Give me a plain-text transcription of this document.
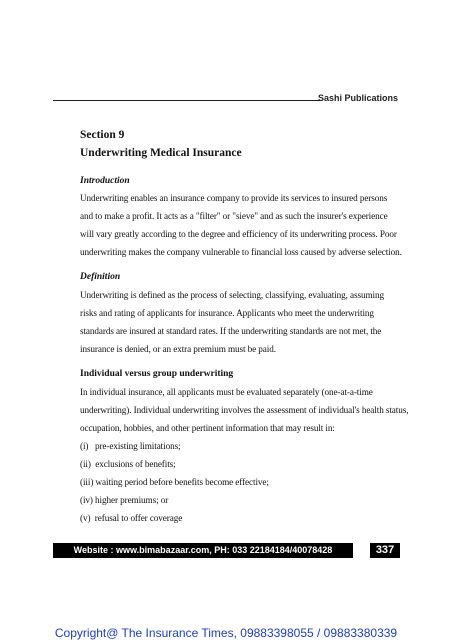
Sashi Publications
Section 9
Underwriting Medical Insurance
Introduction
Underwriting enables an insurance company to provide its services to insured persons
and to make a profit. It acts as a "filter" or "sieve" and as such the insurer's experience
will vary greatly according to the degree and efficiency of its underwriting process. Poor
underwriting makes the company vulnerable to financial loss caused by adverse selection.
Definition
Underwriting is defined as the process of selecting, classifying, evaluating, assuming
risks and rating of applicants for insurance. Applicants who meet the underwriting
standards are insured at standard rates. If the underwriting standards are not met, the
insurance is denied, or an extra premium must be paid.
Individual versus group underwriting
In individual insurance, all applicants must be evaluated separately (one-at-a-time
underwriting). Individual underwriting involves the assessment of individual's health status,
occupation, hobbies, and other pertinent information that may result in:
(i)   pre-existing limitations;
(ii)  exclusions of benefits;
(iii) waiting period before benefits become effective;
(iv) higher premiums; or
(v)  refusal to offer coverage
Website : www.bimabazaar.com, PH: 033 22184184/40078428	337
Copyright@ The Insurance Times, 09883398055 / 09883380339
